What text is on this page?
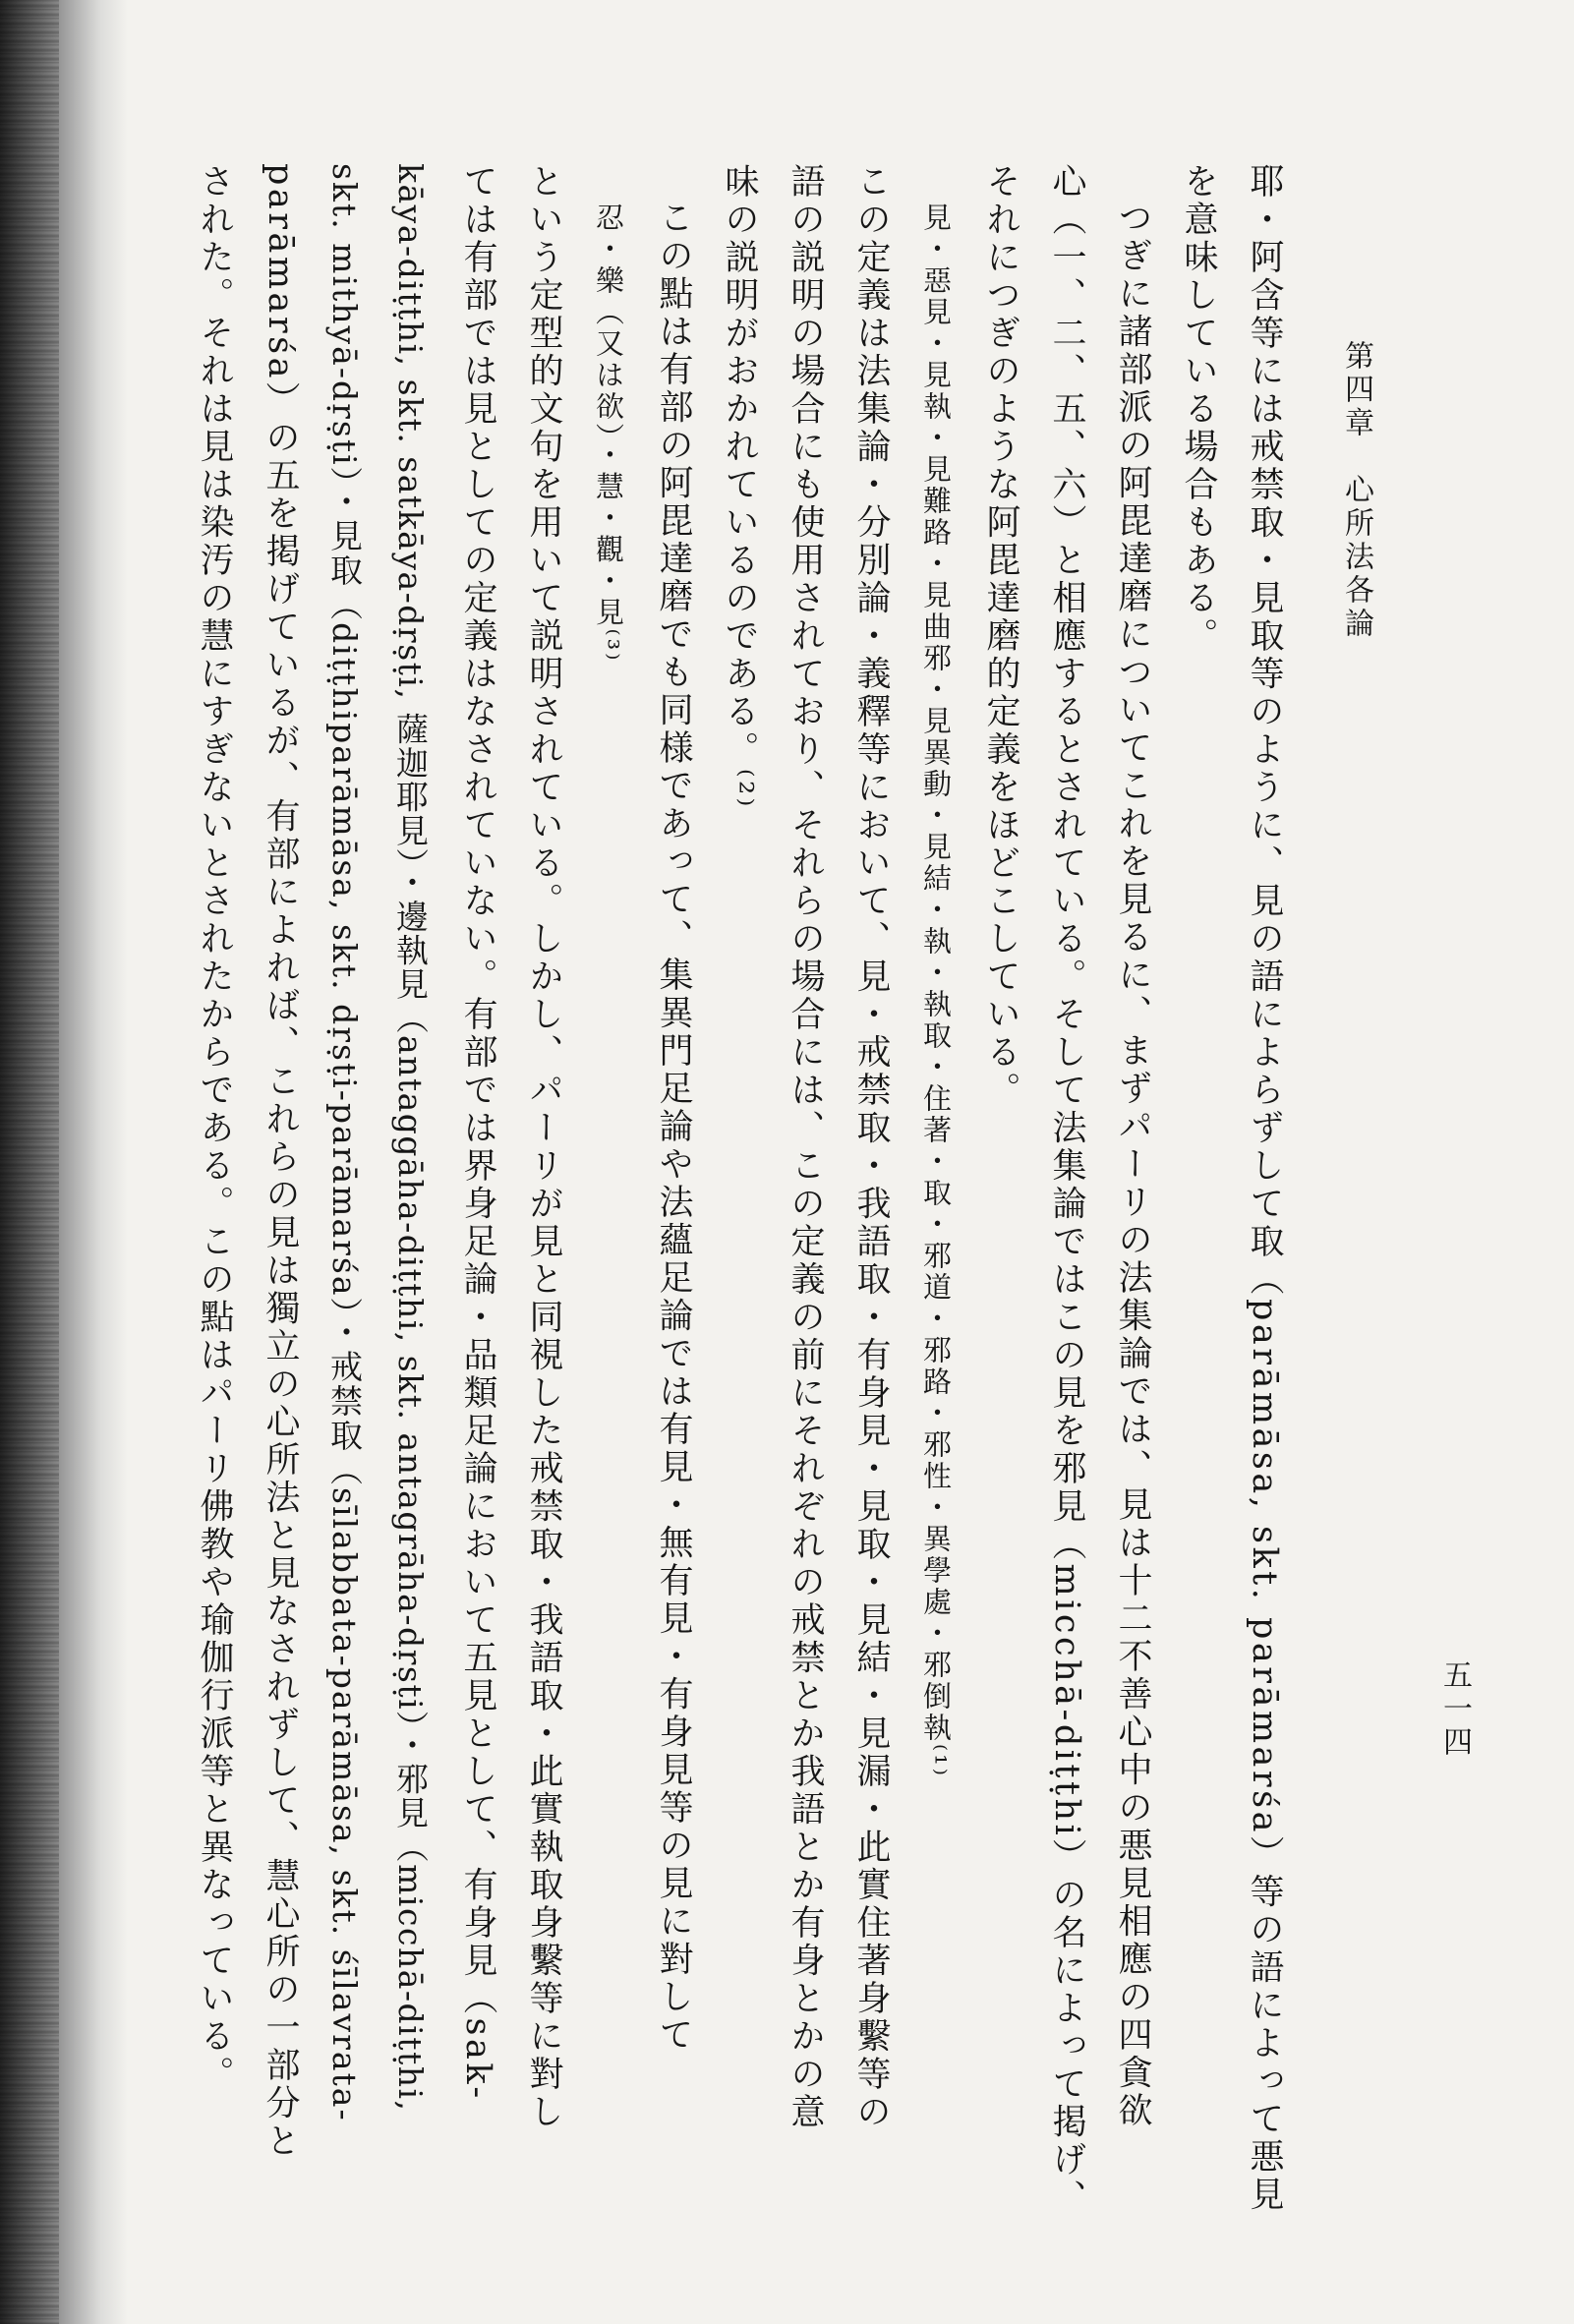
第四章　心所法各論
五一四
耶・阿含等には戒禁取・見取等のように、見の語によらずして取（parāmāsa, skt. parāmarśa）等の語によって悪見
を意味している場合もある。
つぎに諸部派の阿毘達磨についてこれを見るに、まずパーリの法集論では、見は十二不善心中の悪見相應の四貪欲
心（一、二、五、六）と相應するとされている。そして法集論ではこの見を邪見（micchā-diṭṭhi）の名によって掲げ、
それにつぎのような阿毘達磨的定義をほどこしている。
見・惡見・見執・見難路・見曲邪・見異動・見結・執・執取・住著・取・邪道・邪路・邪性・異學處・邪倒執⁽¹⁾
この定義は法集論・分別論・義釋等において、見・戒禁取・我語取・有身見・見取・見結・見漏・此實住著身繫等の
語の説明の場合にも使用されており、それらの場合には、この定義の前にそれぞれの戒禁とか我語とか有身とかの意
味の説明がおかれているのである。⁽²⁾
この點は有部の阿毘達磨でも同様であって、集異門足論や法蘊足論では有見・無有見・有身見等の見に對して
忍・樂（又は欲）・慧・觀・見⁽³⁾
という定型的文句を用いて説明されている。しかし、パーリが見と同視した戒禁取・我語取・此實執取身繫等に對し
ては有部では見としての定義はなされていない。有部では界身足論・品類足論において五見として、有身見（sak-
kāya-diṭṭhi, skt. satkāya-dṛṣṭi, 薩迦耶見）・邊執見（antaggāha-diṭṭhi, skt. antagrāha-dṛṣṭi）・邪見（micchā-diṭṭhi,
skt. mithyā-dṛṣṭi）・見取（diṭṭhiparāmāsa, skt. dṛṣṭi-parāmarśa）・戒禁取（sīlabbata-parāmāsa, skt. śīlavrata-
parāmarśa）の五を掲げているが、有部によれば、これらの見は獨立の心所法と見なされずして、慧心所の一部分と
された。それは見は染汚の慧にすぎないとされたからである。この點はパーリ佛教や瑜伽行派等と異なっている。
